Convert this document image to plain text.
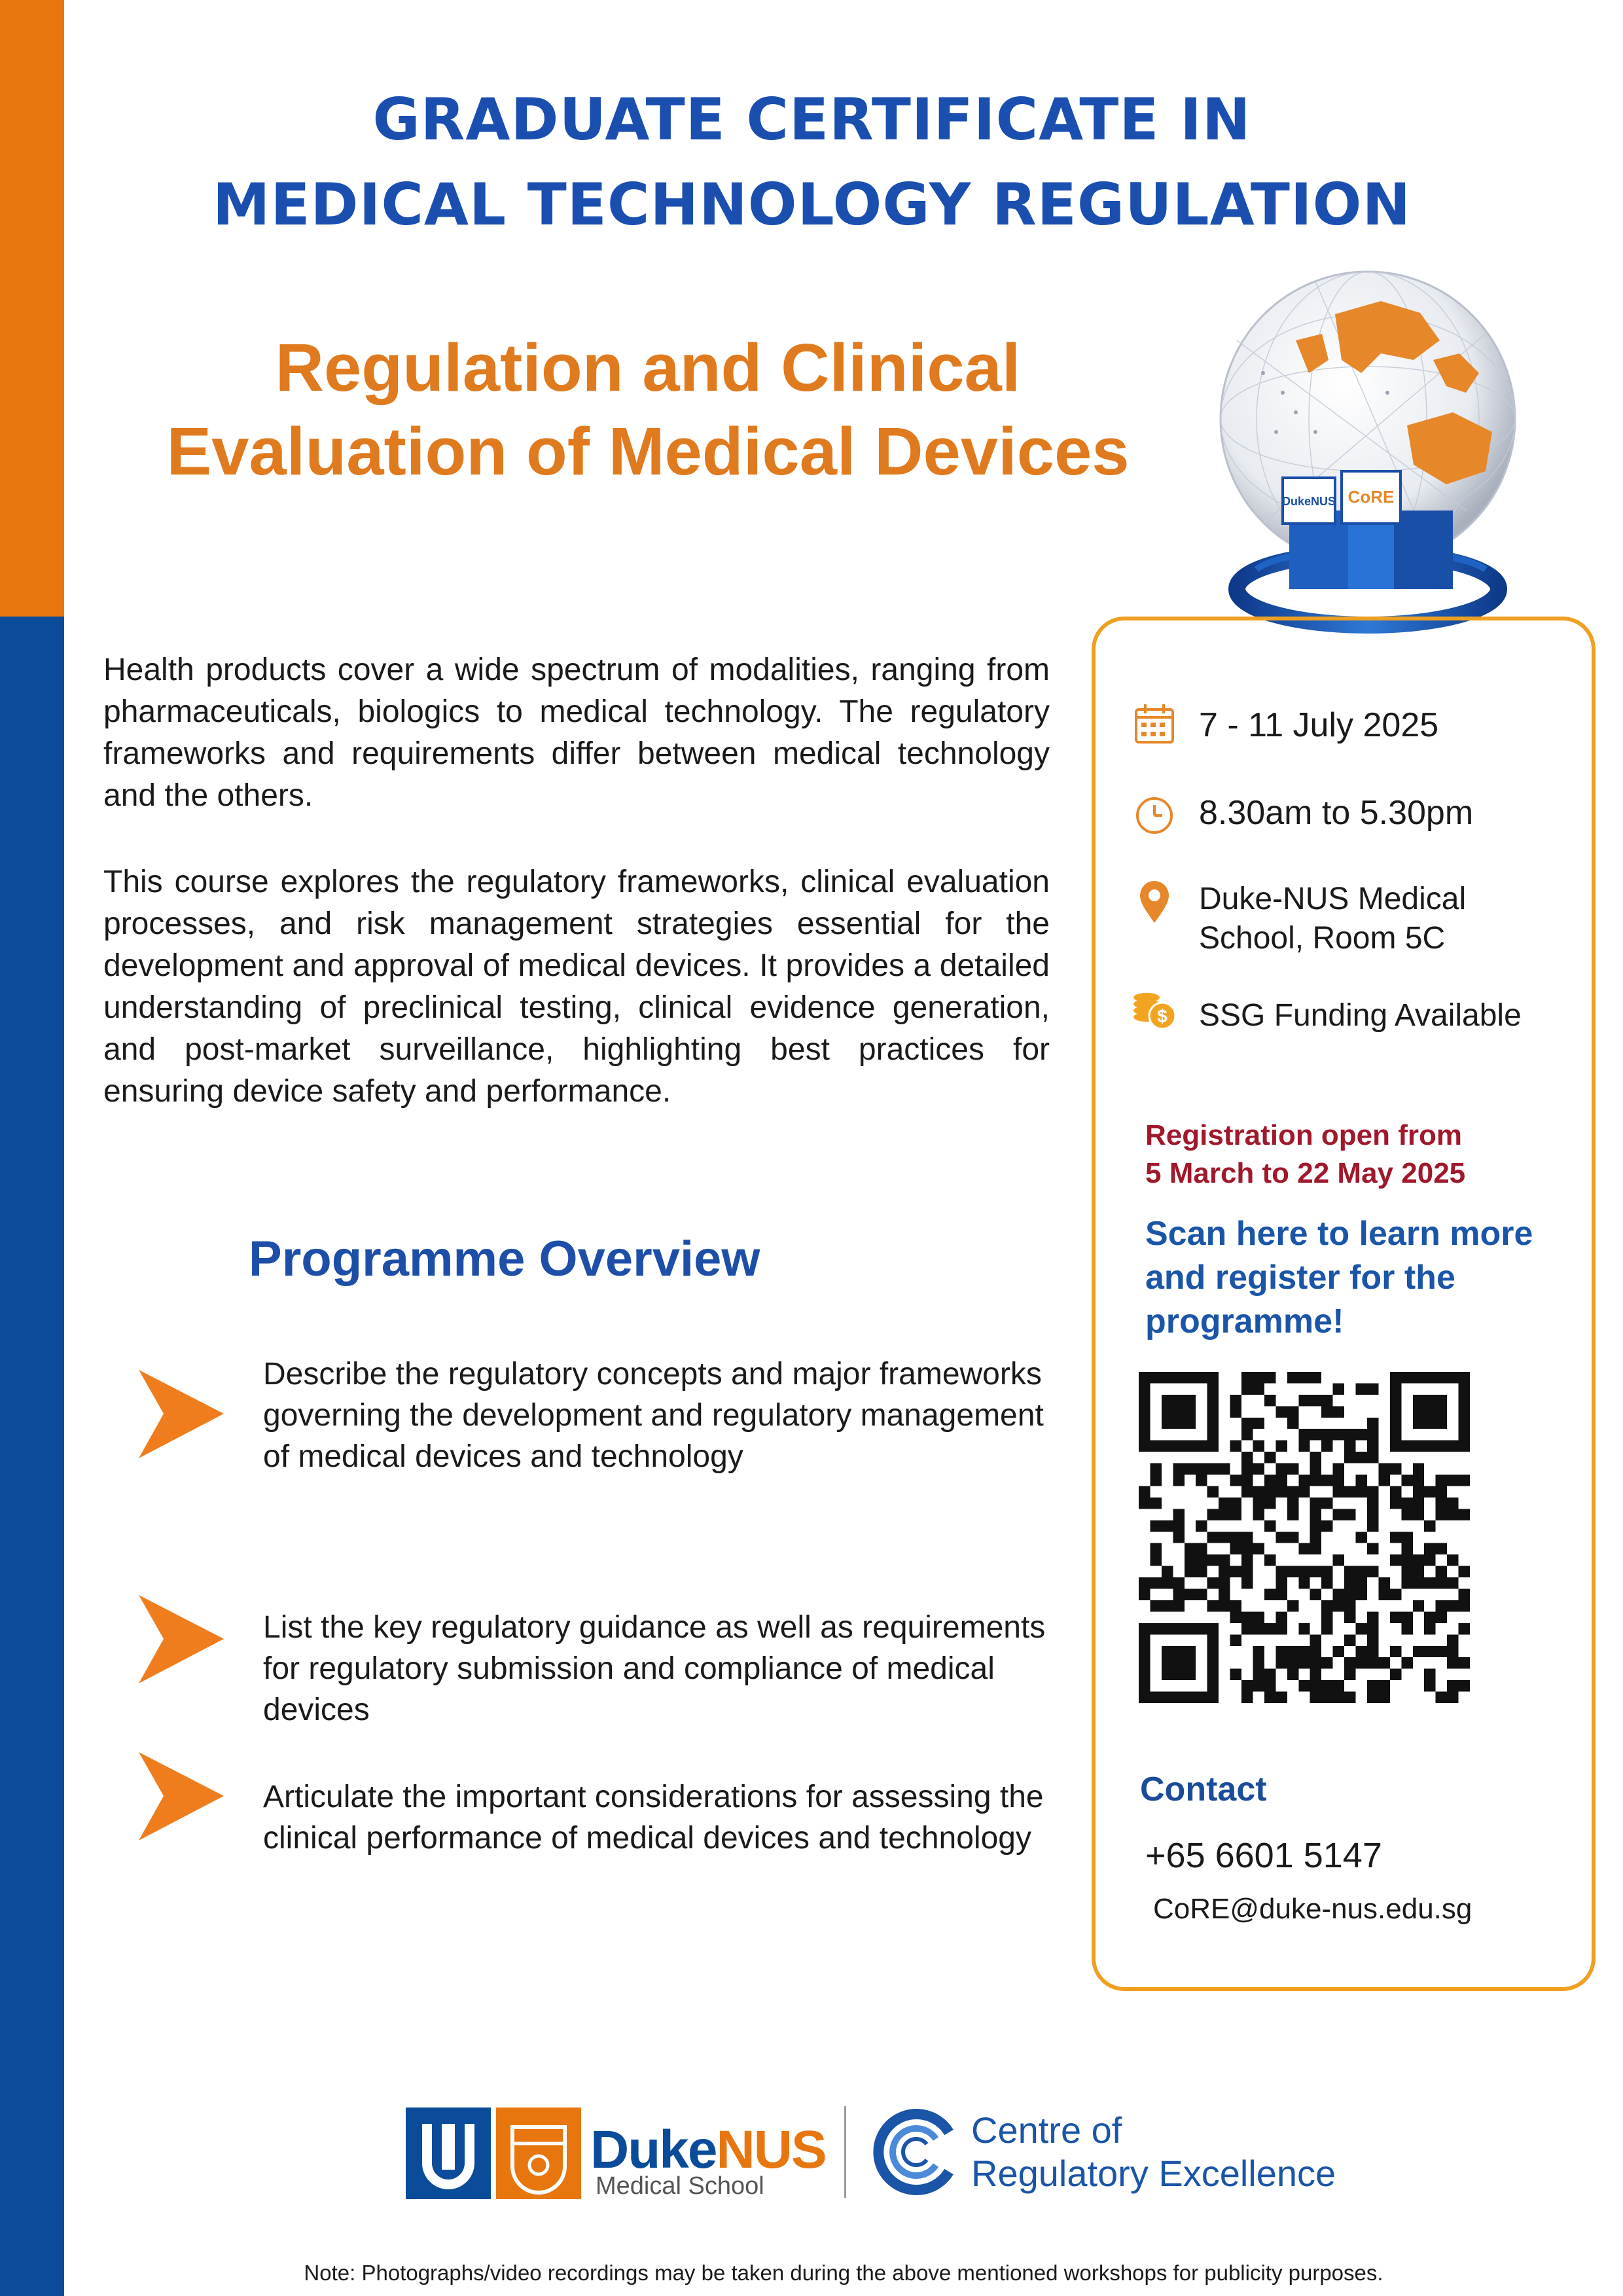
GRADUATE CERTIFICATE IN
MEDICAL TECHNOLOGY REGULATION
Regulation and Clinical
Evaluation of Medical Devices
DukeNUS CoRE
Health products cover a wide spectrum of modalities, ranging from pharmaceuticals, biologics to medical technology. The regulatory frameworks and requirements differ between medical technology and the others.
This course explores the regulatory frameworks, clinical evaluation processes, and risk management strategies essential for the development and approval of medical devices. It provides a detailed understanding of preclinical testing, clinical evidence generation, and post-market surveillance, highlighting best practices for ensuring device safety and performance.
Programme Overview
Describe the regulatory concepts and major frameworks governing the development and regulatory management of medical devices and technology
List the key regulatory guidance as well as requirements for regulatory submission and compliance of medical devices
Articulate the important considerations for assessing the clinical performance of medical devices and technology
7 - 11 July 2025
8.30am to 5.30pm
Duke-NUS Medical
School, Room 5C
$ SSG Funding Available
Registration open from
5 March to 22 May 2025
Scan here to learn more
and register for the
programme!
Contact
+65 6601 5147
CoRE@duke-nus.edu.sg
DukeNUS
Medical School
Centre of
Regulatory Excellence
Note: Photographs/video recordings may be taken during the above mentioned workshops for publicity purposes.
